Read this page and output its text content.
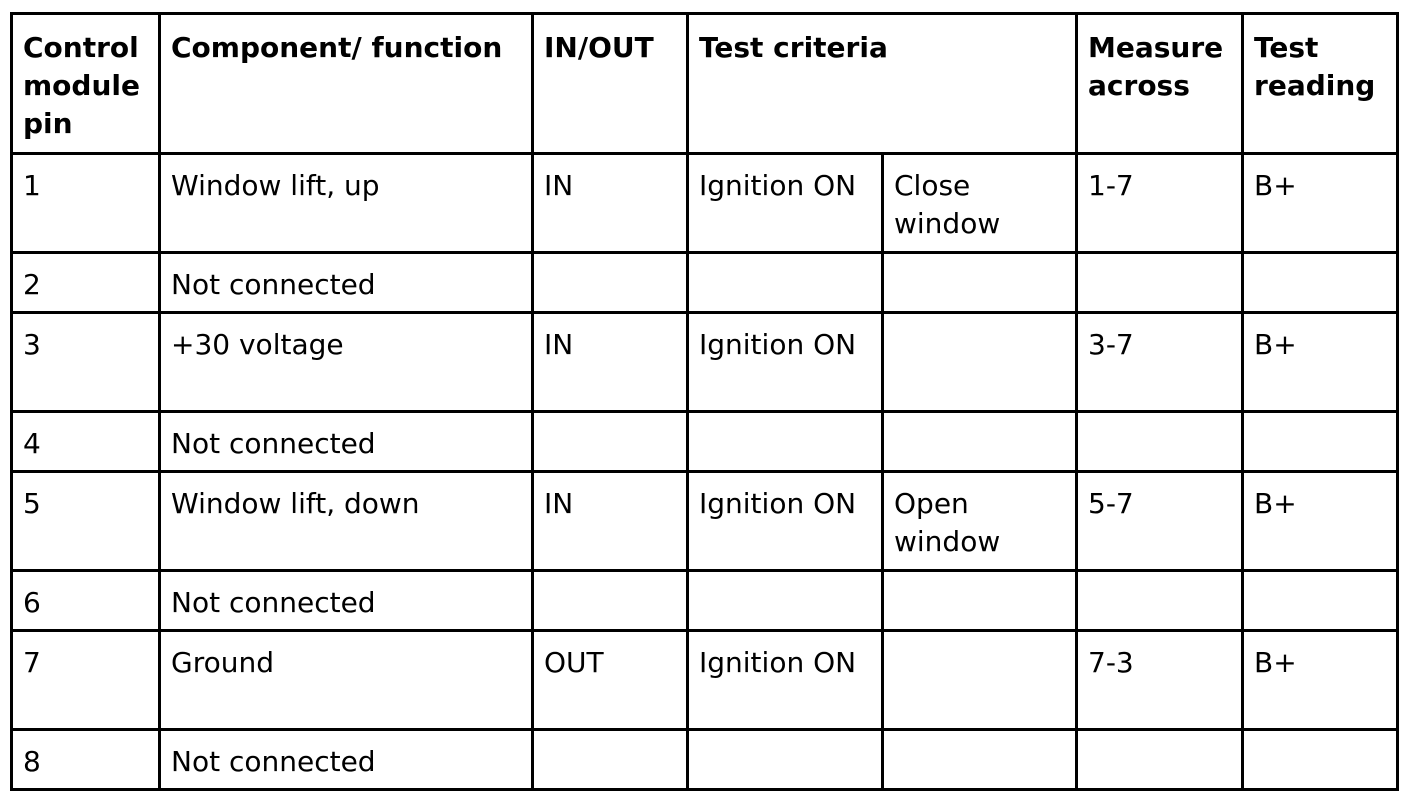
Control module pin	Component/ function	IN/OUT	Test criteria		Measure across	Test reading
1	Window lift, up	IN	Ignition ON	Close window	1-7	B+
2	Not connected					
3	+30 voltage	IN	Ignition ON		3-7	B+
4	Not connected					
5	Window lift, down	IN	Ignition ON	Open window	5-7	B+
6	Not connected					
7	Ground	OUT	Ignition ON		7-3	B+
8	Not connected					
